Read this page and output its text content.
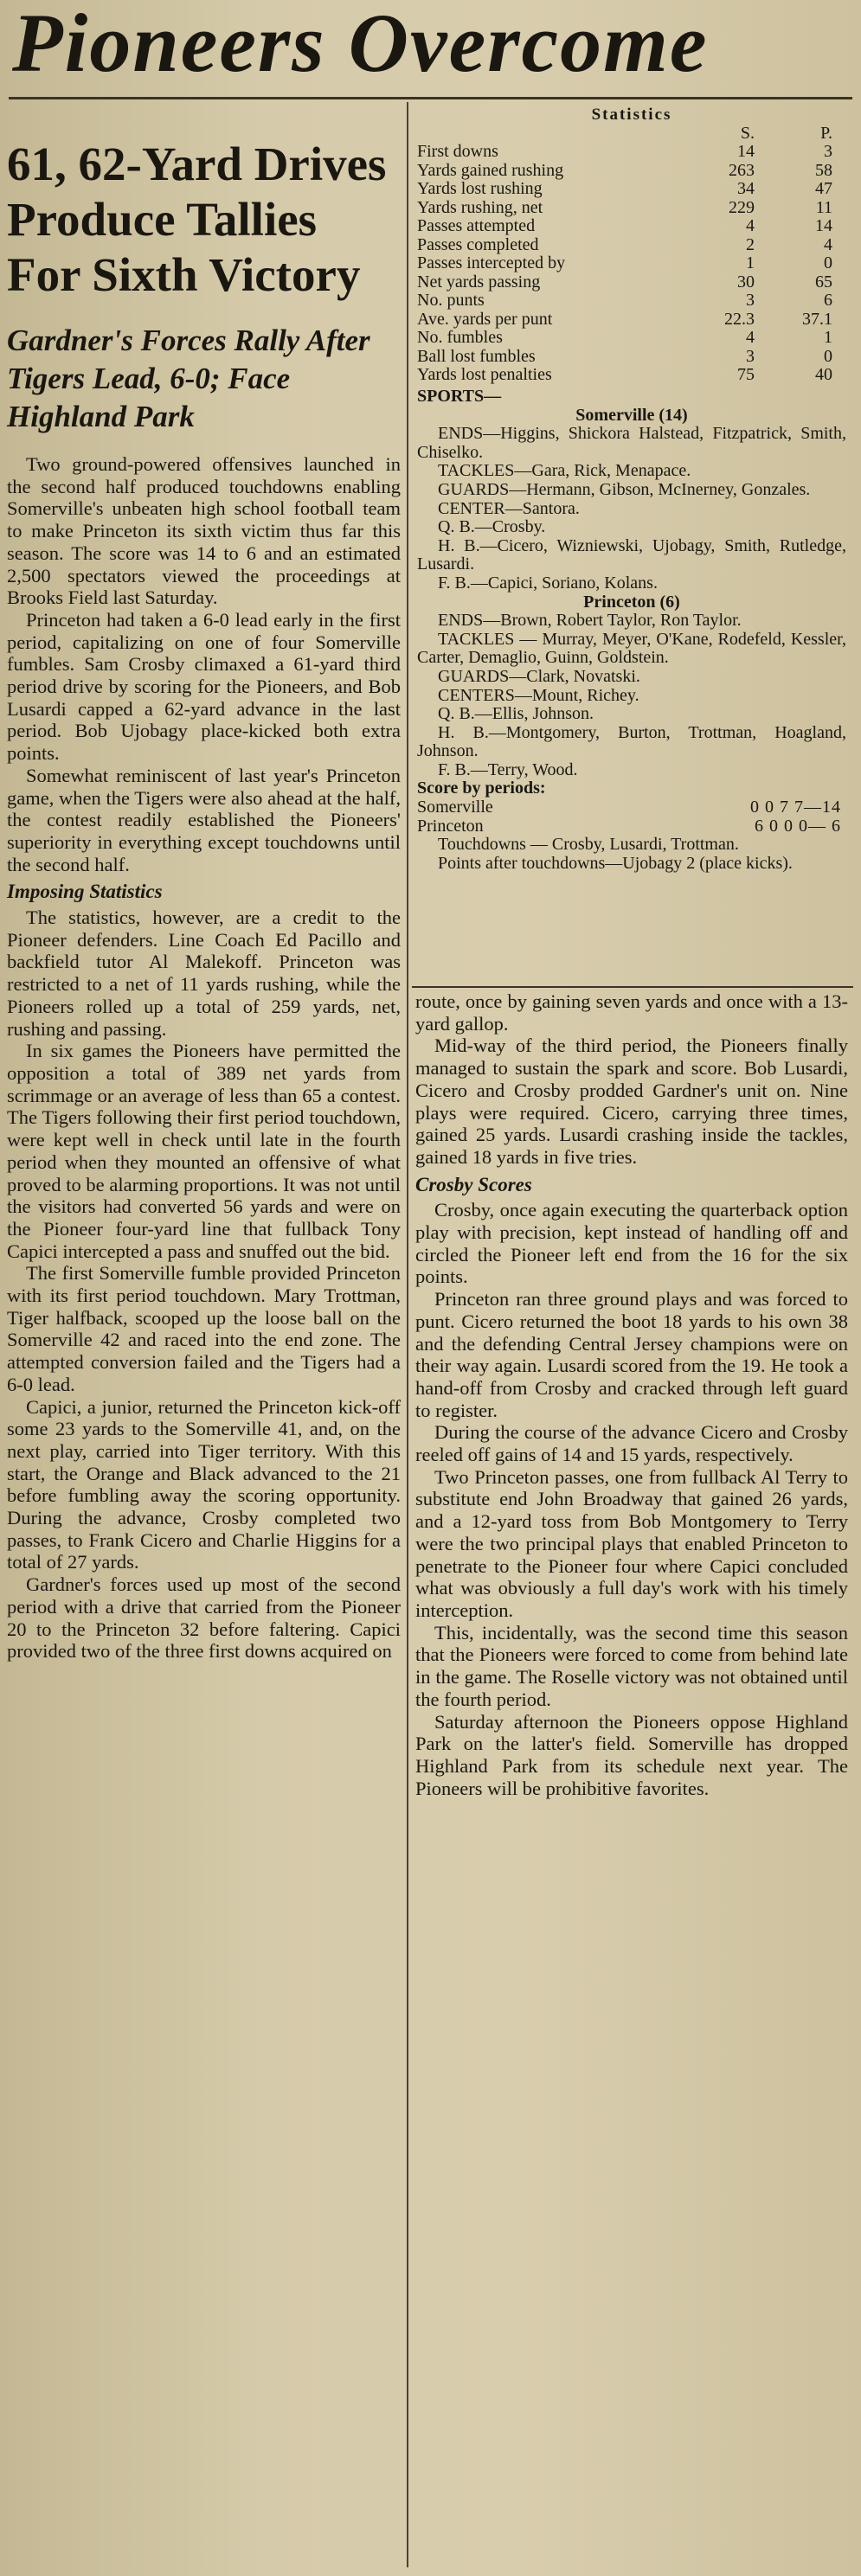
Pioneers Overcome
61, 62-Yard Drives Produce Tallies For Sixth Victory
Gardner's Forces Rally After Tigers Lead, 6-0; Face Highland Park

Two ground-powered offensives launched in the second half produced touchdowns enabling Somerville's unbeaten high school football team to make Princeton its sixth victim thus far this season. The score was 14 to 6 and an estimated 2,500 spectators viewed the proceedings at Brooks Field last Saturday.

Princeton had taken a 6-0 lead early in the first period, capitalizing on one of four Somerville fumbles. Sam Crosby climaxed a 61-yard third period drive by scoring for the Pioneers, and Bob Lusardi capped a 62-yard advance in the last period. Bob Ujobagy place-kicked both extra points.

Somewhat reminiscent of last year's Princeton game, when the Tigers were also ahead at the half, the contest readily established the Pioneers' superiority in everything except touchdowns until the second half.

Imposing Statistics

The statistics, however, are a credit to the Pioneer defenders. Line Coach Ed Pacillo and backfield tutor Al Malekoff. Princeton was restricted to a net of 11 yards rushing, while the Pioneers rolled up a total of 259 yards, net, rushing and passing.

In six games the Pioneers have permitted the opposition a total of 389 net yards from scrimmage or an average of less than 65 a contest. The Tigers following their first period touchdown, were kept well in check until late in the fourth period when they mounted an offensive of what proved to be alarming proportions. It was not until the visitors had converted 56 yards and were on the Pioneer four-yard line that fullback Tony Capici intercepted a pass and snuffed out the bid.

The first Somerville fumble provided Princeton with its first period touchdown. Mary Trottman, Tiger halfback, scooped up the loose ball on the Somerville 42 and raced into the end zone. The attempted conversion failed and the Tigers had a 6-0 lead.

Capici, a junior, returned the Princeton kick-off some 23 yards to the Somerville 41, and, on the next play, carried into Tiger territory. With this start, the Orange and Black advanced to the 21 before fumbling away the scoring opportunity. During the advance, Crosby completed two passes, to Frank Cicero and Charlie Higgins for a total of 27 yards.

Gardner's forces used up most of the second period with a drive that carried from the Pioneer 20 to the Princeton 32 before faltering. Capici provided two of the three first downs acquired on

Statistics
S.	P.
First downs	14	3
Yards gained rushing	263	58
Yards lost rushing	34	47
Yards rushing, net	229	11
Passes attempted	4	14
Passes completed	2	4
Passes intercepted by	1	0
Net yards passing	30	65
No. punts	3	6
Ave. yards per punt	22.3	37.1
No. fumbles	4	1
Ball lost fumbles	3	0
Yards lost penalties	75	40
SPORTS—
Somerville (14)
ENDS—Higgins, Shickora Halstead, Fitzpatrick, Smith, Chiselko.
TACKLES—Gara, Rick, Menapace.
GUARDS—Hermann, Gibson, McInerney, Gonzales.
CENTER—Santora.
Q. B.—Crosby.
H. B.—Cicero, Wizniewski, Ujobagy, Smith, Rutledge, Lusardi.
F. B.—Capici, Soriano, Kolans.
Princeton (6)
ENDS—Brown, Robert Taylor, Ron Taylor.
TACKLES — Murray, Meyer, O'Kane, Rodefeld, Kessler, Carter, Demaglio, Guinn, Goldstein.
GUARDS—Clark, Novatski.
CENTERS—Mount, Richey.
Q. B.—Ellis, Johnson.
H. B.—Montgomery, Burton, Trottman, Hoagland, Johnson.
F. B.—Terry, Wood.
Score by periods:
Somerville	0 0 7 7—14
Princeton	6 0 0 0— 6
Touchdowns — Crosby, Lusardi, Trottman.
Points after touchdowns—Ujobagy 2 (place kicks).

route, once by gaining seven yards and once with a 13-yard gallop.

Mid-way of the third period, the Pioneers finally managed to sustain the spark and score. Bob Lusardi, Cicero and Crosby prodded Gardner's unit on. Nine plays were required. Cicero, carrying three times, gained 25 yards. Lusardi crashing inside the tackles, gained 18 yards in five tries.

Crosby Scores

Crosby, once again executing the quarterback option play with precision, kept instead of handling off and circled the Pioneer left end from the 16 for the six points.

Princeton ran three ground plays and was forced to punt. Cicero returned the boot 18 yards to his own 38 and the defending Central Jersey champions were on their way again. Lusardi scored from the 19. He took a hand-off from Crosby and cracked through left guard to register.

During the course of the advance Cicero and Crosby reeled off gains of 14 and 15 yards, respectively.

Two Princeton passes, one from fullback Al Terry to substitute end John Broadway that gained 26 yards, and a 12-yard toss from Bob Montgomery to Terry were the two principal plays that enabled Princeton to penetrate to the Pioneer four where Capici concluded what was obviously a full day's work with his timely interception.

This, incidentally, was the second time this season that the Pioneers were forced to come from behind late in the game. The Roselle victory was not obtained until the fourth period.

Saturday afternoon the Pioneers oppose Highland Park on the latter's field. Somerville has dropped Highland Park from its schedule next year. The Pioneers will be prohibitive favorites.
